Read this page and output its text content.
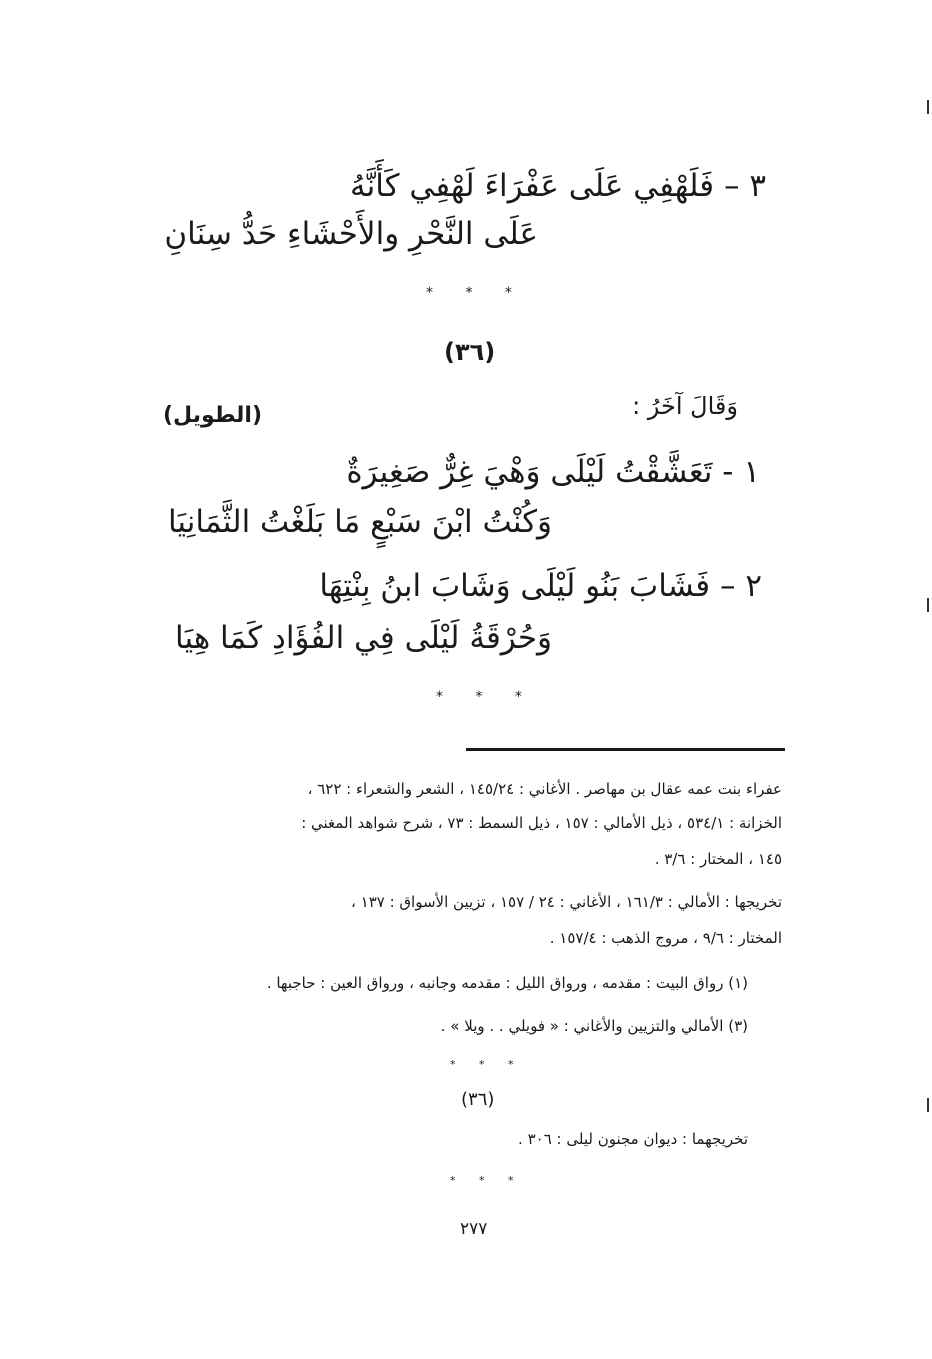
٣ – فَلَهْفِي عَلَى عَفْرَاءَ لَهْفِي كَأَنَّهُ
عَلَى النَّحْرِ والأَحْشَاءِ حَدُّ سِنَانِ
* * *
(٣٦)
وَقَالَ آخَرُ :
(الطويل)
١ - تَعَشَّقْتُ لَيْلَى وَهْيَ غِرٌّ صَغِيرَةٌ
وَكُنْتُ ابْنَ سَبْعٍ مَا بَلَغْتُ الثَّمَانِيَا
٢ – فَشَابَ بَنُو لَيْلَى وَشَابَ ابنُ بِنْتِهَا
وَحُرْقَةُ لَيْلَى فِي الفُؤَادِ كَمَا هِيَا
* * *
عفراء بنت عمه عقال بن مهاصر . الأغاني : ١٤٥/٢٤ ، الشعر والشعراء : ٦٢٢ ،
الخزانة : ٥٣٤/١ ، ذيل الأمالي : ١٥٧ ، ذيل السمط : ٧٣ ، شرح شواهد المغني :
١٤٥ ، المختار : ٣/٦ .
تخريجها : الأمالي : ١٦١/٣ ، الأغاني : ٢٤ / ١٥٧ ، تزيين الأسواق : ١٣٧ ،
المختار : ٩/٦ ، مروج الذهب : ١٥٧/٤ .
(١) رواق البيت : مقدمه ، ورواق الليل : مقدمه وجانبه ، ورواق العين : حاجبها .
(٣) الأمالي والتزيين والأغاني : « فويلي . . ويلا » .
* * *
(٣٦)
تخريجهما : ديوان مجنون ليلى : ٣٠٦ .
* * *
٢٧٧
